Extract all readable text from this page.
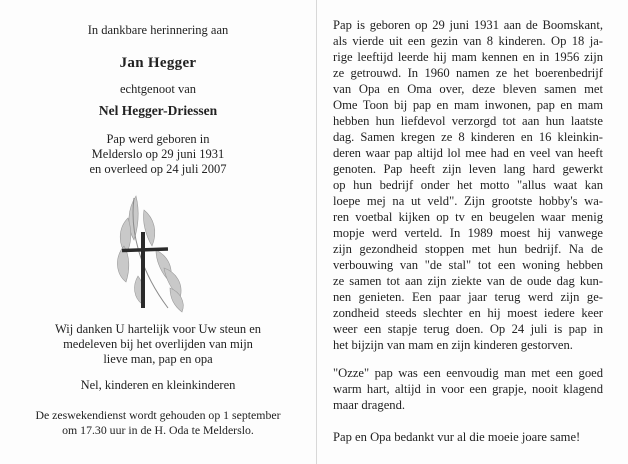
In dankbare herinnering aan
Jan Hegger
echtgenoot van
Nel Hegger-Driessen
Pap werd geboren in
Melderslo op 29 juni 1931
en overleed op 24 juli 2007
Wij danken U hartelijk voor Uw steun en
medeleven bij het overlijden van mijn
lieve man, pap en opa
Nel, kinderen en kleinkinderen
De zeswekendienst wordt gehouden op 1 september
om 17.30 uur in de H. Oda te Melderslo.
Pap is geboren op 29 juni 1931 aan de Boomskant,
als vierde uit een gezin van 8 kinderen. Op 18 ja-
rige leeftijd leerde hij mam kennen en in 1956 zijn
ze getrouwd. In 1960 namen ze het boerenbedrijf
van Opa en Oma over, deze bleven samen met
Ome Toon bij pap en mam inwonen, pap en mam
hebben hun liefdevol verzorgd tot aan hun laatste
dag. Samen kregen ze 8 kinderen en 16 kleinkin-
deren waar pap altijd lol mee had en veel van heeft
genoten. Pap heeft zijn leven lang hard gewerkt
op hun bedrijf onder het motto "allus waat kan
loepe mej na ut veld". Zijn grootste hobby's wa-
ren voetbal kijken op tv en beugelen waar menig
mopje werd verteld. In 1989 moest hij vanwege
zijn gezondheid stoppen met hun bedrijf. Na de
verbouwing van "de stal" tot een woning hebben
ze samen tot aan zijn ziekte van de oude dag kun-
nen genieten. Een paar jaar terug werd zijn ge-
zondheid steeds slechter en hij moest iedere keer
weer een stapje terug doen. Op 24 juli is pap in
het bijzijn van mam en zijn kinderen gestorven.
"Ozze" pap was een eenvoudig man met een goed
warm hart, altijd in voor een grapje, nooit klagend
maar dragend.
Pap en Opa bedankt vur al die moeie joare same!
